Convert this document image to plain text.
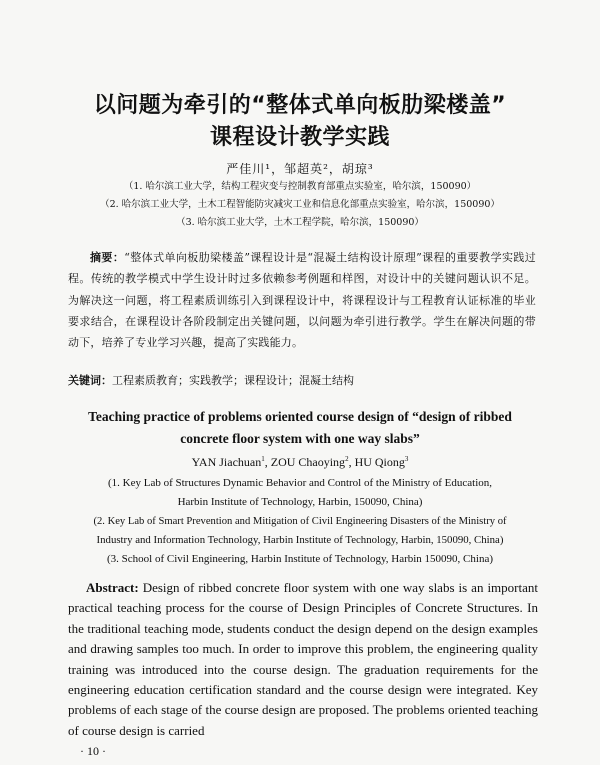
以问题为牵引的“整体式单向板肋梁楼盖”
课程设计教学实践
严佳川¹，邹超英²，胡琼³
（1. 哈尔滨工业大学，结构工程灾变与控制教育部重点实验室，哈尔滨，150090）
（2. 哈尔滨工业大学，土木工程智能防灾减灾工业和信息化部重点实验室，哈尔滨，150090）
（3. 哈尔滨工业大学，土木工程学院，哈尔滨，150090）
摘要：“整体式单向板肋梁楼盖”课程设计是“混凝土结构设计原理”课程的重要教学实践过程。传统的教学模式中学生设计时过多依赖参考例题和样图，对设计中的关键问题认识不足。为解决这一问题，将工程素质训练引入到课程设计中，将课程设计与工程教育认证标准的毕业要求结合，在课程设计各阶段制定出关键问题，以问题为牵引进行教学。学生在解决问题的带动下，培养了专业学习兴趣，提高了实践能力。
关键词：工程素质教育；实践教学；课程设计；混凝土结构
Teaching practice of problems oriented course design of “design of ribbed
concrete floor system with one way slabs”
YAN Jiachuan$^1$, ZOU Chaoying$^2$, HU Qiong$^3$
(1. Key Lab of Structures Dynamic Behavior and Control of the Ministry of Education,
Harbin Institute of Technology, Harbin, 150090, China)
(2. Key Lab of Smart Prevention and Mitigation of Civil Engineering Disasters of the Ministry of
Industry and Information Technology, Harbin Institute of Technology, Harbin, 150090, China)
(3. School of Civil Engineering, Harbin Institute of Technology, Harbin 150090, China)
Abstract: Design of ribbed concrete floor system with one way slabs is an important practical teaching process for the course of Design Principles of Concrete Structures. In the traditional teaching mode, students conduct the design depend on the design examples and drawing samples too much. In order to improve this problem, the engineering quality training was introduced into the course design. The graduation requirements for the engineering education certification standard and the course design were integrated. Key problems of each stage of the course design are proposed. The problems oriented teaching of course design is carried
· 10 ·
